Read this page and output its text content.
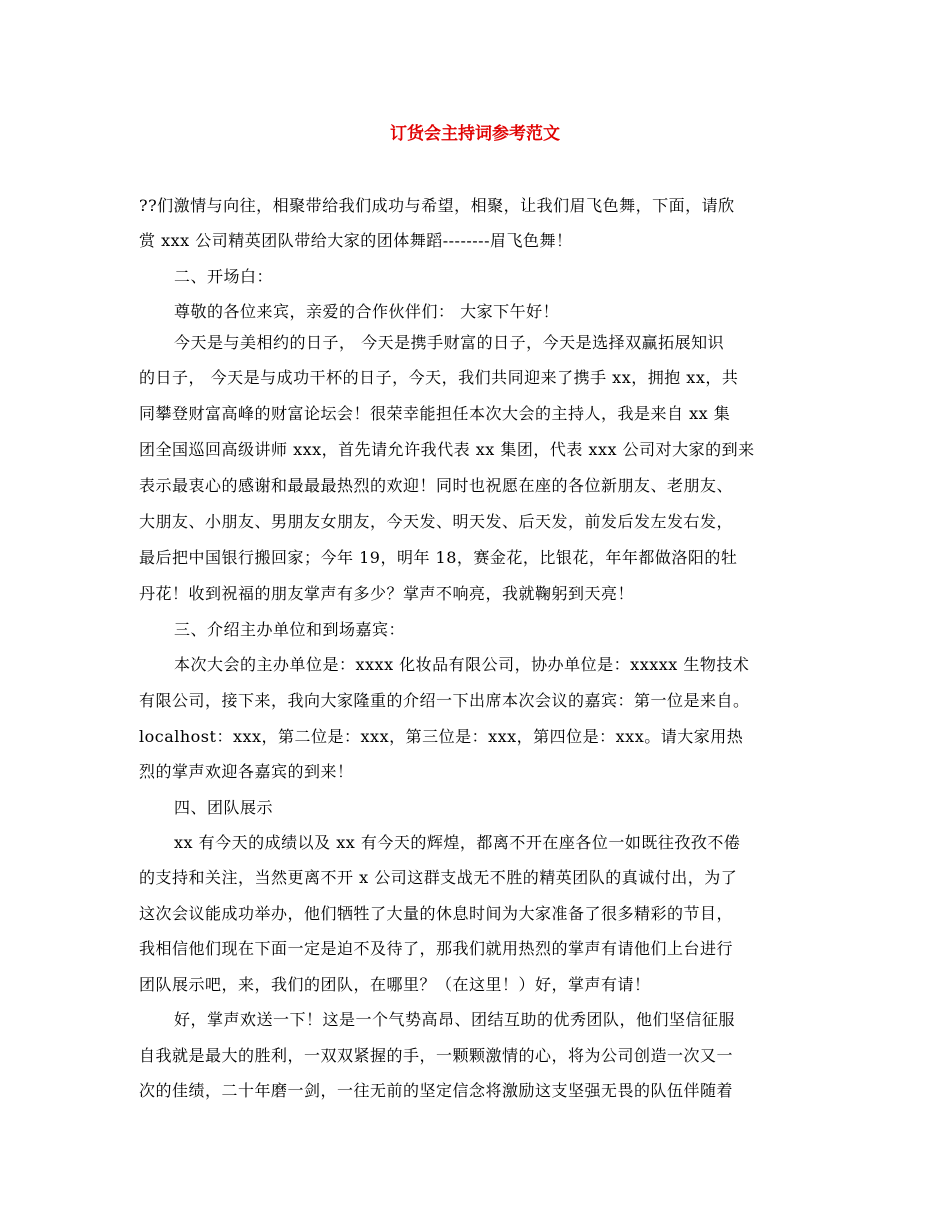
订货会主持词参考范文
??们激情与向往，相聚带给我们成功与希望，相聚，让我们眉飞色舞，下面，请欣
赏 xxx 公司精英团队带给大家的团体舞蹈--------眉飞色舞！
二、开场白：
尊敬的各位来宾，亲爱的合作伙伴们： 大家下午好！
今天是与美相约的日子， 今天是携手财富的日子，今天是选择双赢拓展知识
的日子， 今天是与成功干杯的日子，今天，我们共同迎来了携手 xx，拥抱 xx，共
同攀登财富高峰的财富论坛会！很荣幸能担任本次大会的主持人，我是来自 xx 集
团全国巡回高级讲师 xxx，首先请允许我代表 xx 集团，代表 xxx 公司对大家的到来
表示最衷心的感谢和最最最热烈的欢迎！同时也祝愿在座的各位新朋友、老朋友、
大朋友、小朋友、男朋友女朋友，今天发、明天发、后天发，前发后发左发右发，
最后把中国银行搬回家；今年 19，明年 18，赛金花，比银花，年年都做洛阳的牡
丹花！收到祝福的朋友掌声有多少？掌声不响亮，我就鞠躬到天亮！
三、介绍主办单位和到场嘉宾：
本次大会的主办单位是：xxxx 化妆品有限公司，协办单位是：xxxxx 生物技术
有限公司，接下来，我向大家隆重的介绍一下出席本次会议的嘉宾：第一位是来自。
localhost：xxx，第二位是：xxx，第三位是：xxx，第四位是：xxx。请大家用热
烈的掌声欢迎各嘉宾的到来！
四、团队展示
xx 有今天的成绩以及 xx 有今天的辉煌，都离不开在座各位一如既往孜孜不倦
的支持和关注，当然更离不开 x 公司这群支战无不胜的精英团队的真诚付出，为了
这次会议能成功举办，他们牺牲了大量的休息时间为大家准备了很多精彩的节目，
我相信他们现在下面一定是迫不及待了，那我们就用热烈的掌声有请他们上台进行
团队展示吧，来，我们的团队，在哪里？（在这里！）好，掌声有请！
好，掌声欢送一下！这是一个气势高昂、团结互助的优秀团队，他们坚信征服
自我就是最大的胜利，一双双紧握的手，一颗颗激情的心，将为公司创造一次又一
次的佳绩，二十年磨一剑，一往无前的坚定信念将激励这支坚强无畏的队伍伴随着
